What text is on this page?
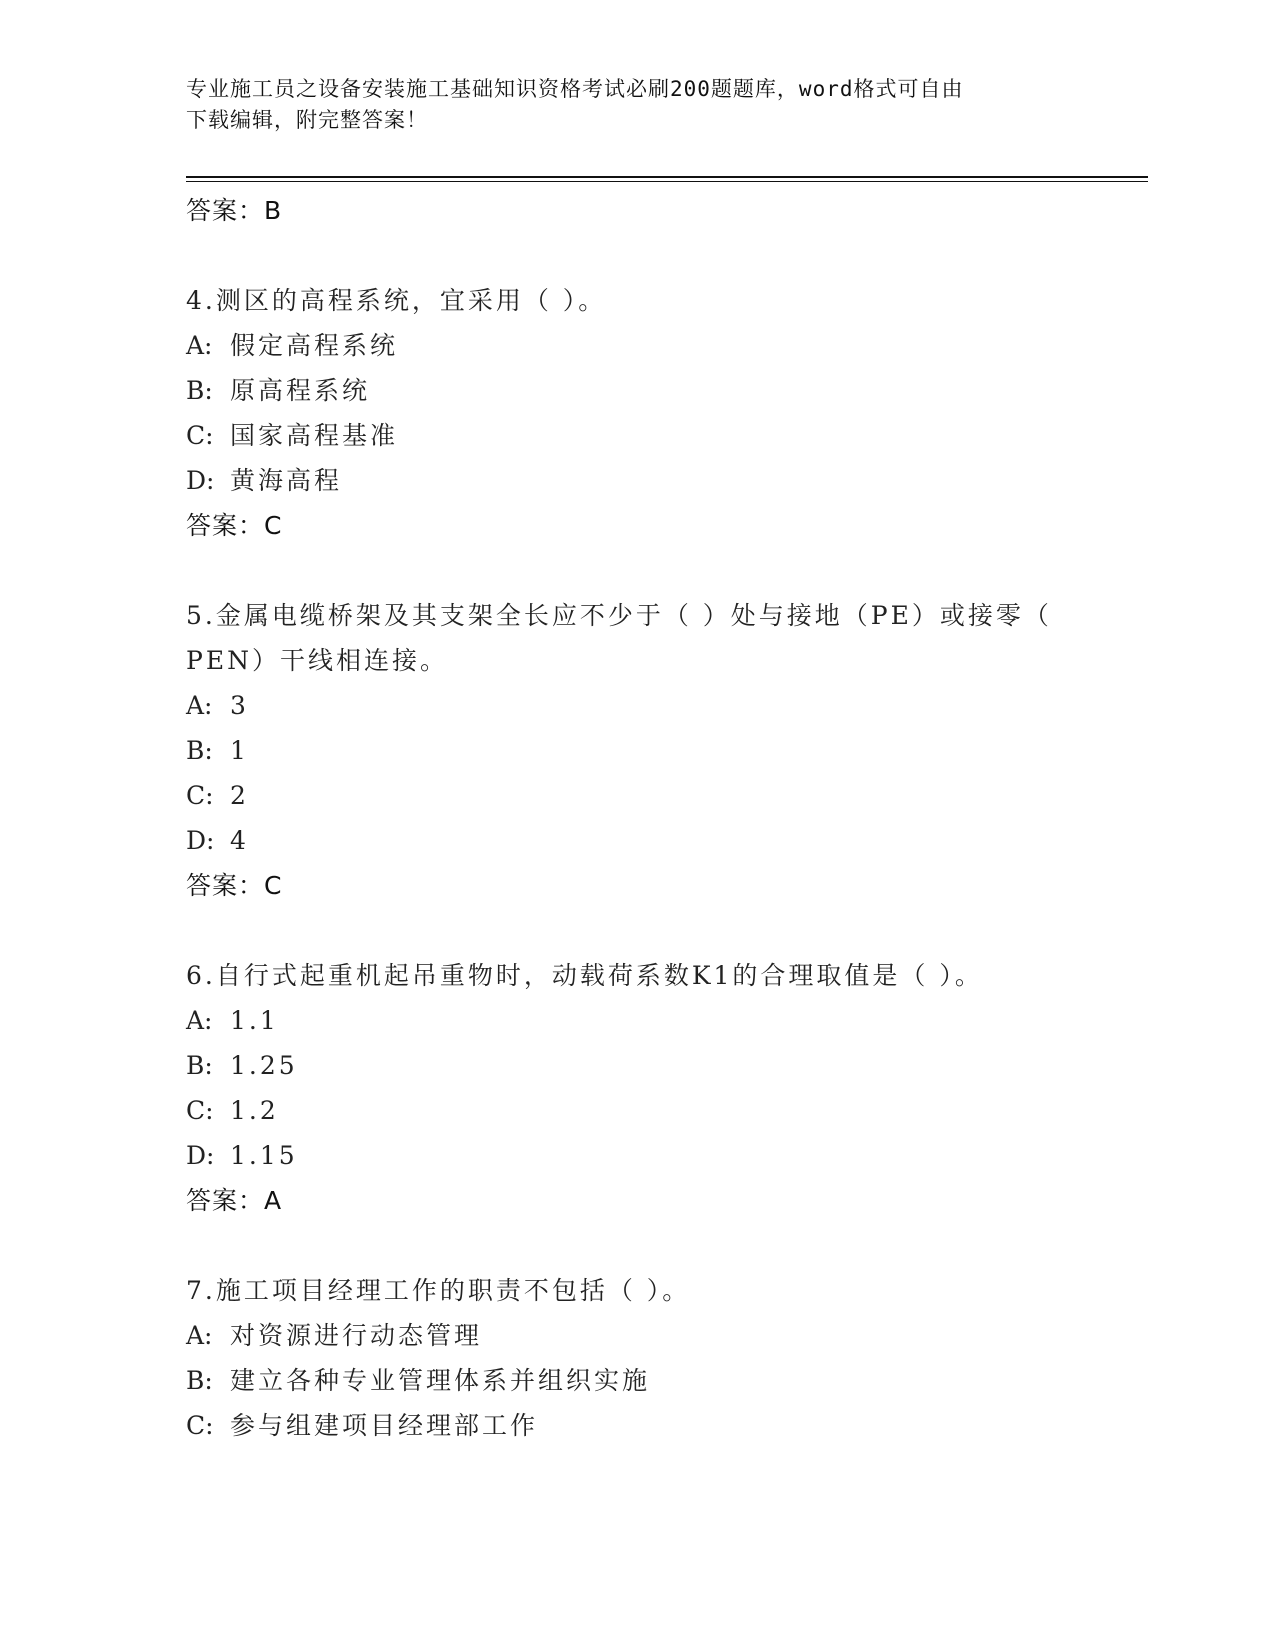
专业施工员之设备安装施工基础知识资格考试必刷200题题库，word格式可自由
下载编辑，附完整答案！
答案：B
4.测区的高程系统，宜采用（ ）。
A: 假定高程系统
B: 原高程系统
C: 国家高程基准
D: 黄海高程
答案：C
5.金属电缆桥架及其支架全长应不少于（ ）处与接地（PE）或接零（
PEN）干线相连接。
A: 3
B: 1
C: 2
D: 4
答案：C
6.自行式起重机起吊重物时，动载荷系数K1的合理取值是（ ）。
A: 1.1
B: 1.25
C: 1.2
D: 1.15
答案：A
7.施工项目经理工作的职责不包括（ ）。
A: 对资源进行动态管理
B: 建立各种专业管理体系并组织实施
C: 参与组建项目经理部工作
